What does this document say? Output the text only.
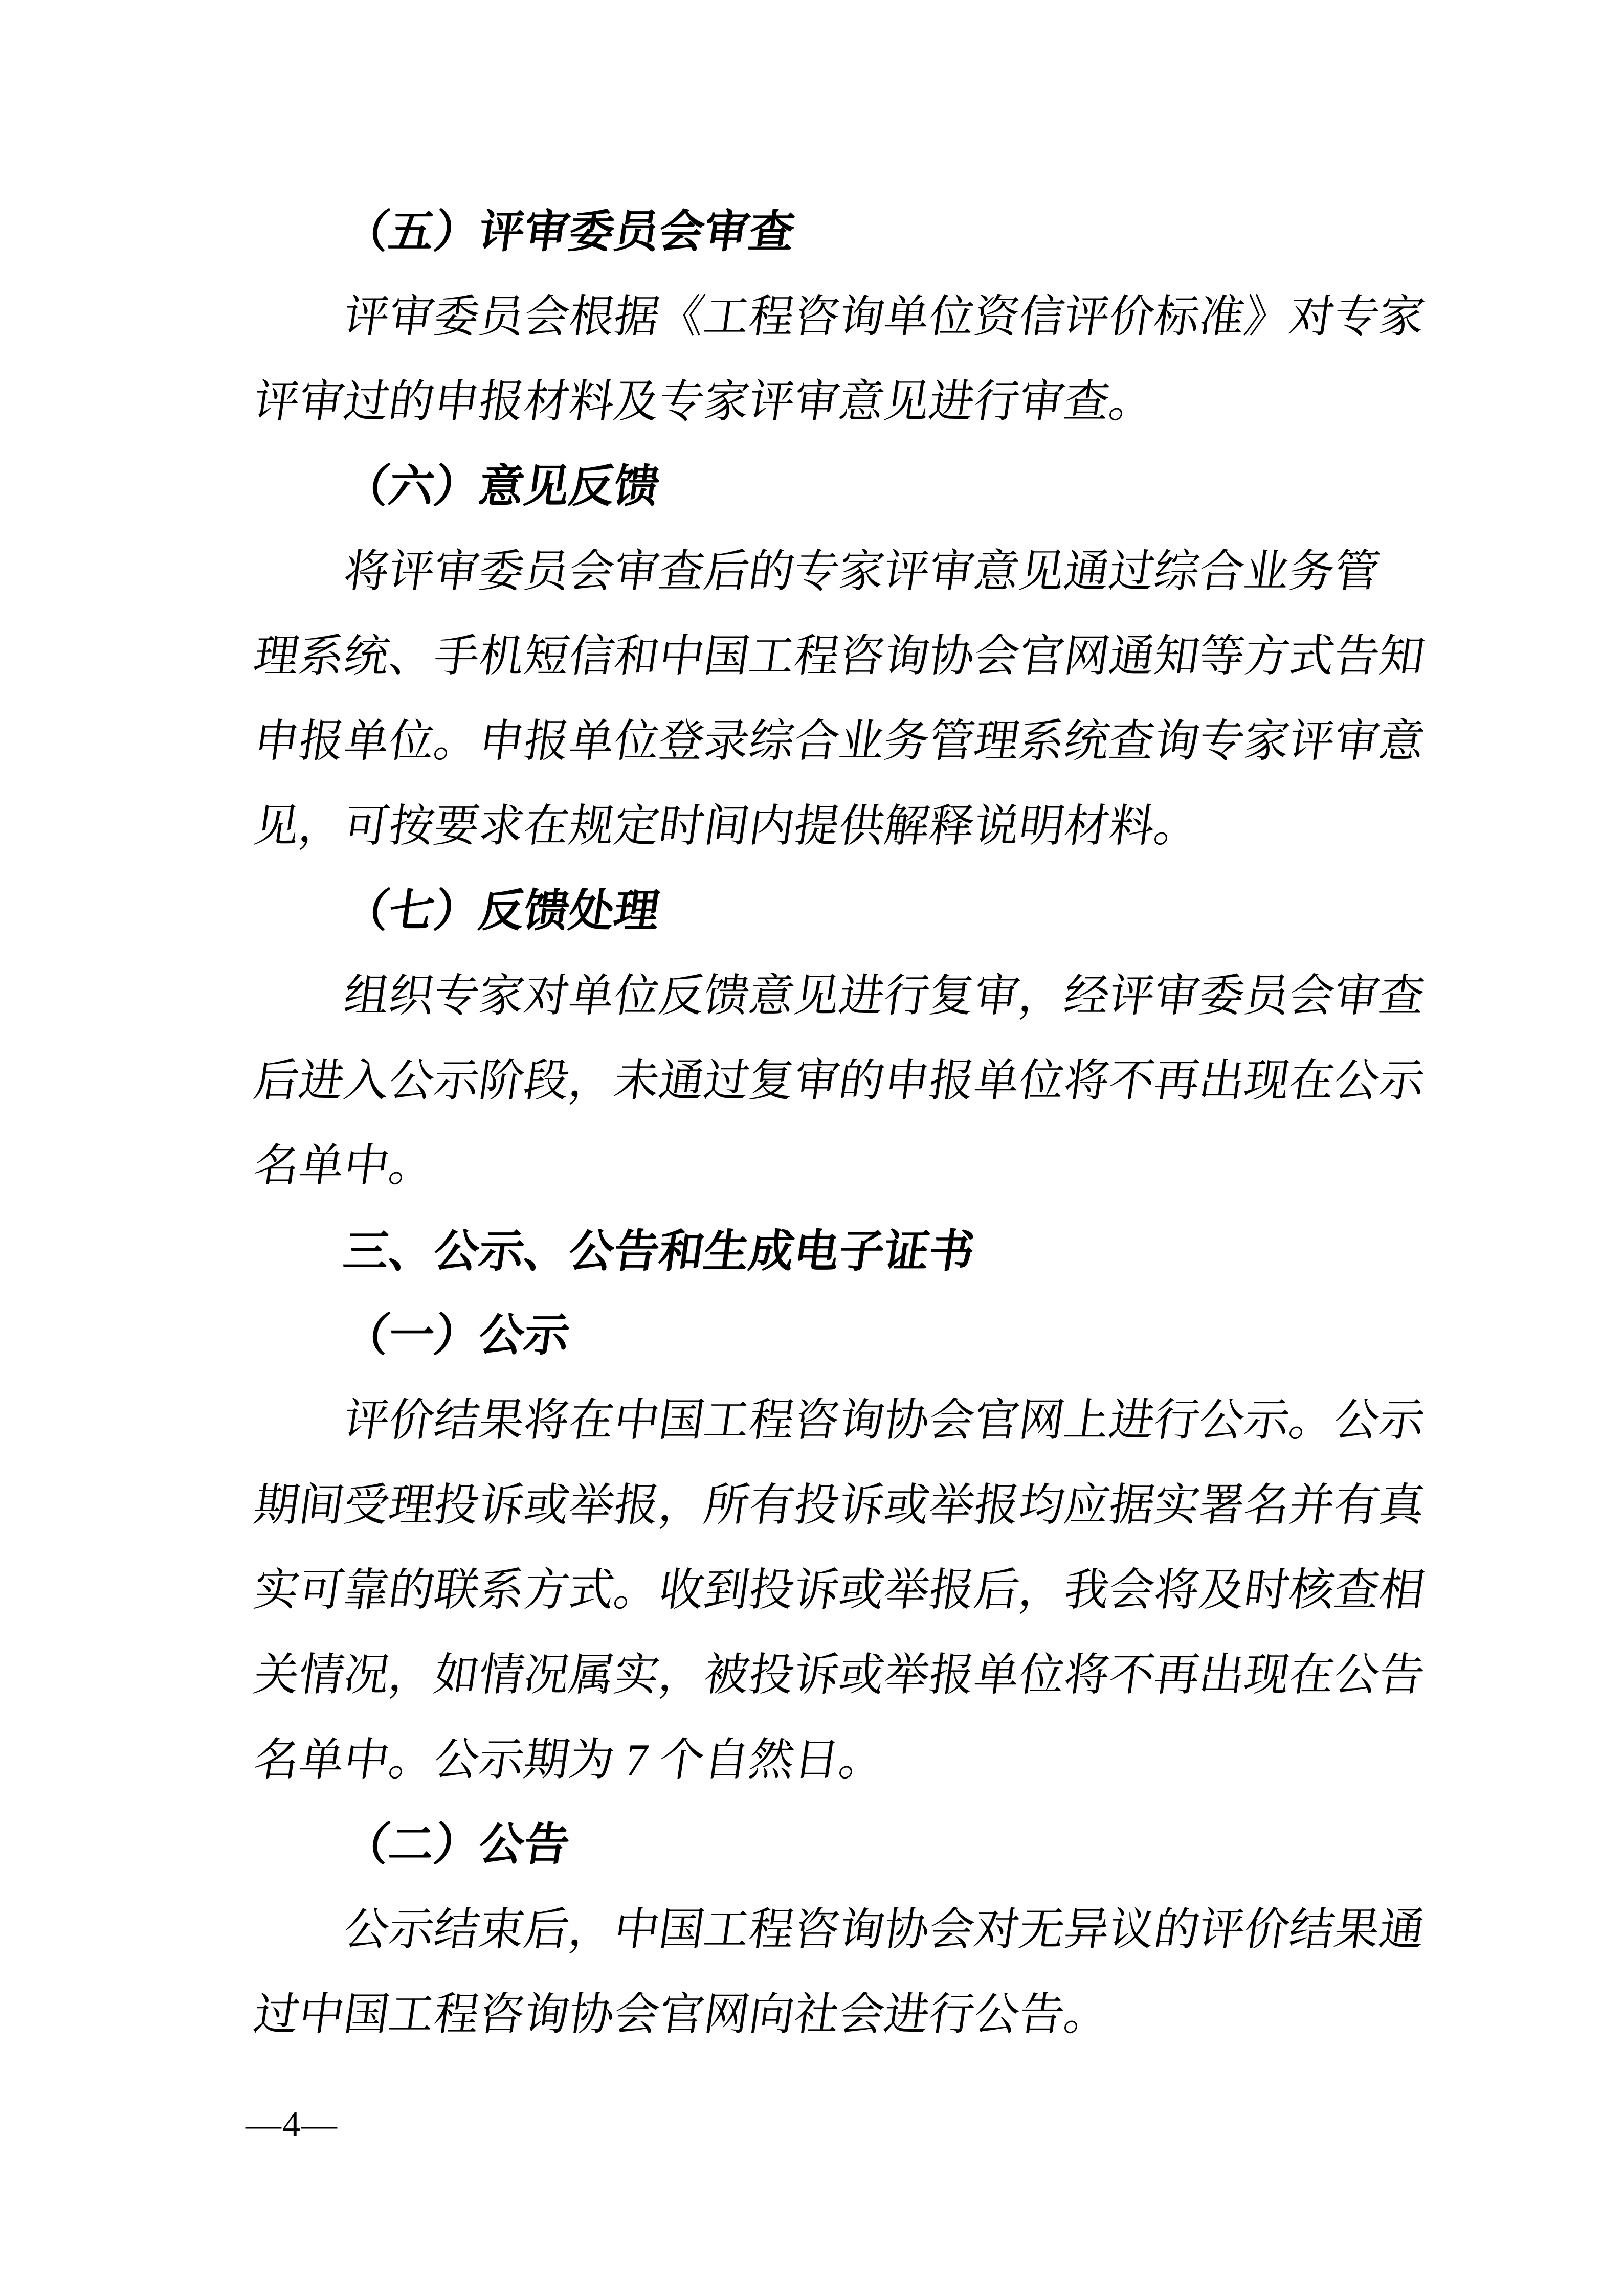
（五）评审委员会审查
评审委员会根据《工程咨询单位资信评价标准》对专家
评审过的申报材料及专家评审意见进行审查。
（六）意见反馈
将评审委员会审查后的专家评审意见通过综合业务管
理系统、手机短信和中国工程咨询协会官网通知等方式告知
申报单位。申报单位登录综合业务管理系统查询专家评审意
见，可按要求在规定时间内提供解释说明材料。
（七）反馈处理
组织专家对单位反馈意见进行复审，经评审委员会审查
后进入公示阶段，未通过复审的申报单位将不再出现在公示
名单中。
三、公示、公告和生成电子证书
（一）公示
评价结果将在中国工程咨询协会官网上进行公示。公示
期间受理投诉或举报，所有投诉或举报均应据实署名并有真
实可靠的联系方式。收到投诉或举报后，我会将及时核查相
关情况，如情况属实，被投诉或举报单位将不再出现在公告
名单中。公示期为 7 个自然日。
（二）公告
公示结束后，中国工程咨询协会对无异议的评价结果通
过中国工程咨询协会官网向社会进行公告。
—4—
